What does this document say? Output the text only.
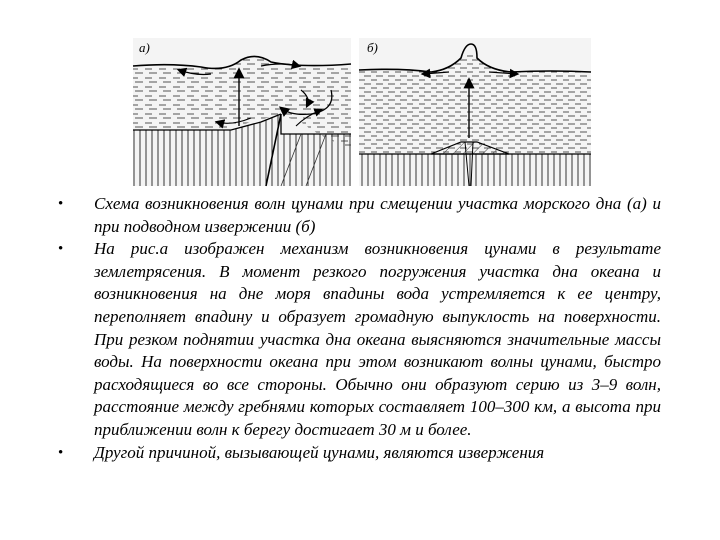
а)	б)
• Схема возникновения волн цунами при смещении участка морского дна (а) и при подводном извержении (б)
• На рис.а изображен механизм возникновения цунами в результате землетрясения. В момент резкого погружения участка дна океана и возникновения на дне моря впадины вода устремляется к ее центру, переполняет впадину и образует громадную выпуклость на поверхности. При резком поднятии участка дна океана выясняются значительные массы воды. На поверхности океана при этом возникают волны цунами, быстро расходящиеся во все стороны. Обычно они образуют серию из 3–9 волн, расстояние между гребнями которых составляет 100–300 км, а высота при приближении волн к берегу достигает 30 м и более.
• Другой причиной, вызывающей цунами, являются извержения
